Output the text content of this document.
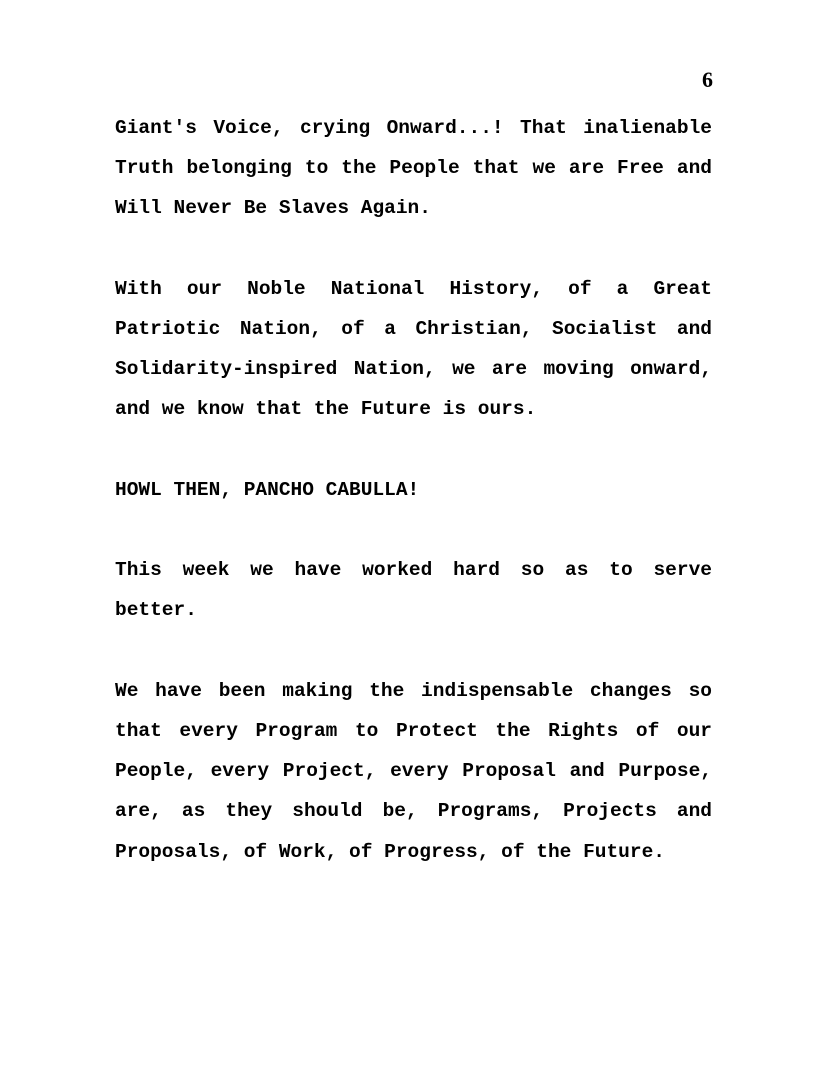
6

Giant's Voice, crying Onward...! That inalienable Truth belonging to the People that we are Free and Will Never Be Slaves Again.

With our Noble National History, of a Great Patriotic Nation, of a Christian, Socialist and Solidarity-inspired Nation, we are moving onward, and we know that the Future is ours.

HOWL THEN, PANCHO CABULLA!

This week we have worked hard so as to serve better.

We have been making the indispensable changes so that every Program to Protect the Rights of our People, every Project, every Proposal and Purpose, are, as they should be, Programs, Projects and Proposals, of Work, of Progress, of the Future.
